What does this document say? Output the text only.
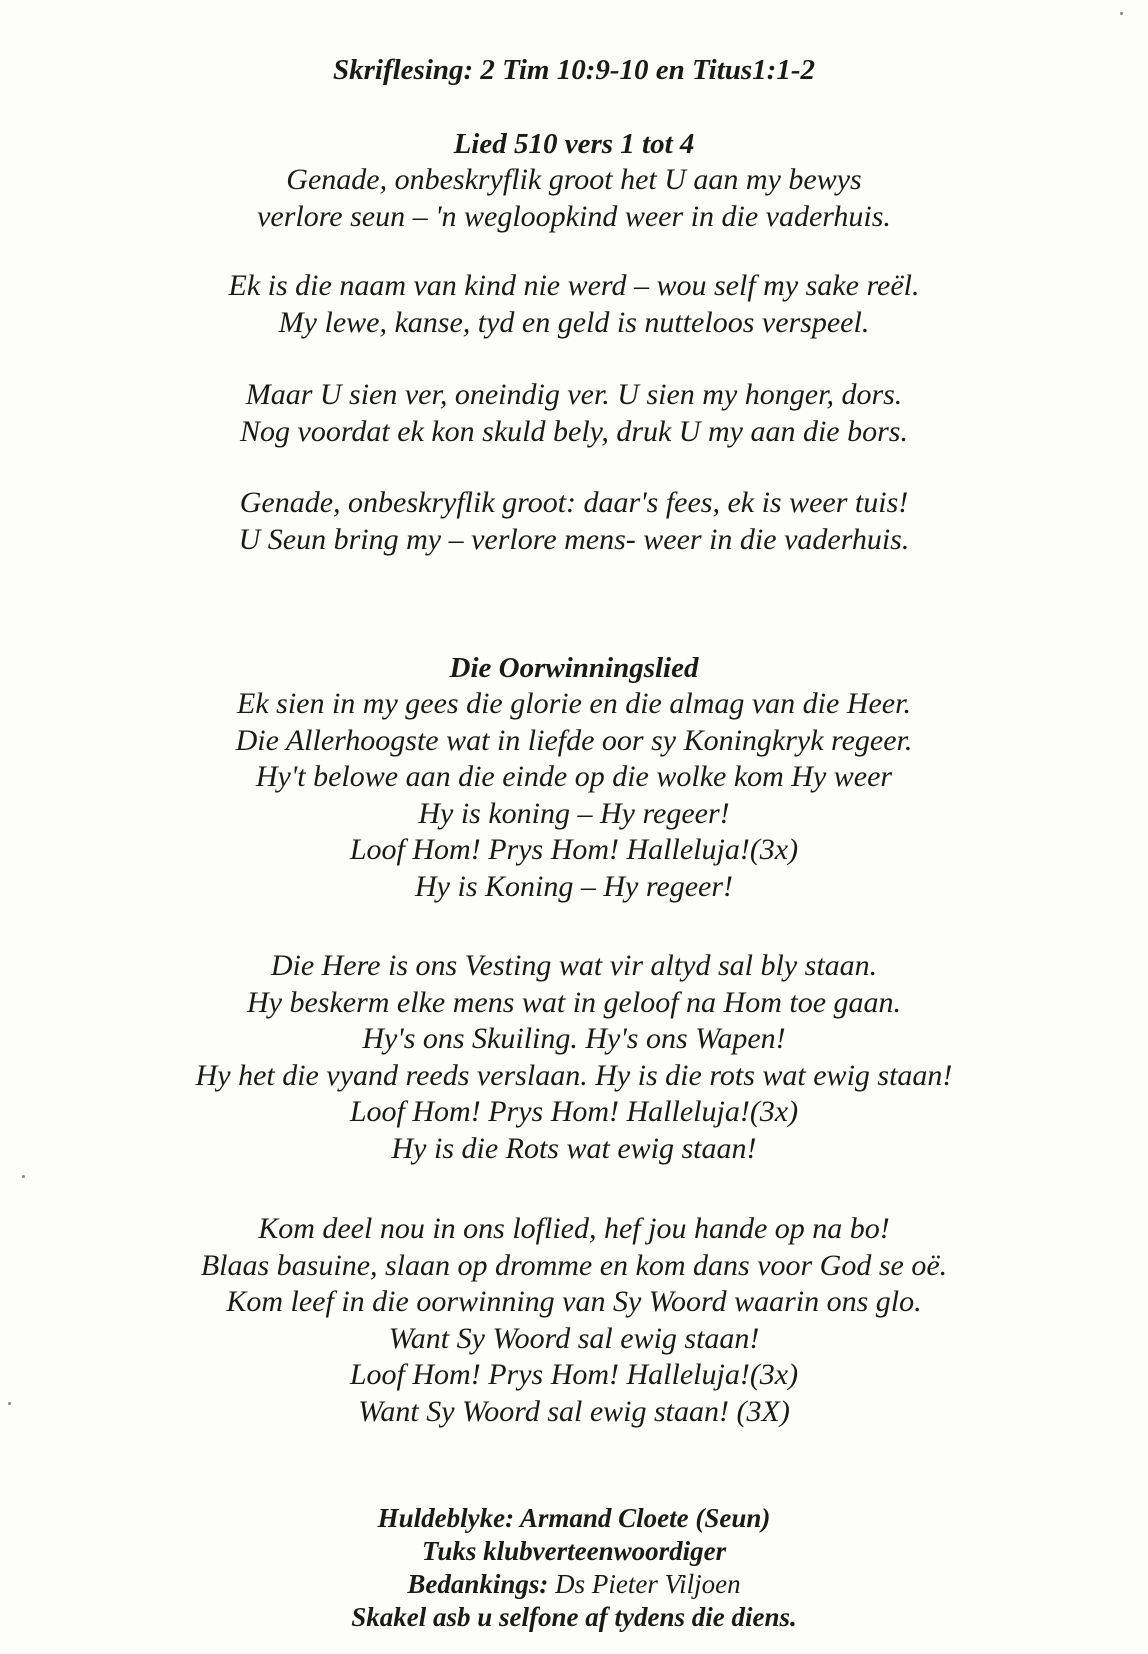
Skriflesing: 2 Tim 10:9-10 en Titus1:1-2
Lied 510 vers 1 tot 4
Genade, onbeskryflik groot het U aan my bewys
verlore seun – 'n wegloopkind weer in die vaderhuis.
Ek is die naam van kind nie werd – wou self my sake reël.
My lewe, kanse, tyd en geld is nutteloos verspeel.
Maar U sien ver, oneindig ver. U sien my honger, dors.
Nog voordat ek kon skuld bely, druk U my aan die bors.
Genade, onbeskryflik groot: daar's fees, ek is weer tuis!
U Seun bring my – verlore mens- weer in die vaderhuis.
Die Oorwinningslied
Ek sien in my gees die glorie en die almag van die Heer.
Die Allerhoogste wat in liefde oor sy Koningkryk regeer.
Hy't belowe aan die einde op die wolke kom Hy weer
Hy is koning – Hy regeer!
Loof Hom! Prys Hom! Halleluja!(3x)
Hy is Koning – Hy regeer!
Die Here is ons Vesting wat vir altyd sal bly staan.
Hy beskerm elke mens wat in geloof na Hom toe gaan.
Hy's ons Skuiling. Hy's ons Wapen!
Hy het die vyand reeds verslaan. Hy is die rots wat ewig staan!
Loof Hom! Prys Hom! Halleluja!(3x)
Hy is die Rots wat ewig staan!
Kom deel nou in ons loflied, hef jou hande op na bo!
Blaas basuine, slaan op dromme en kom dans voor God se oë.
Kom leef in die oorwinning van Sy Woord waarin ons glo.
Want Sy Woord sal ewig staan!
Loof Hom! Prys Hom! Halleluja!(3x)
Want Sy Woord sal ewig staan! (3X)
Huldeblyke: Armand Cloete (Seun)
Tuks klubverteenwoordiger
Bedankings: Ds Pieter Viljoen
Skakel asb u selfone af tydens die diens.
